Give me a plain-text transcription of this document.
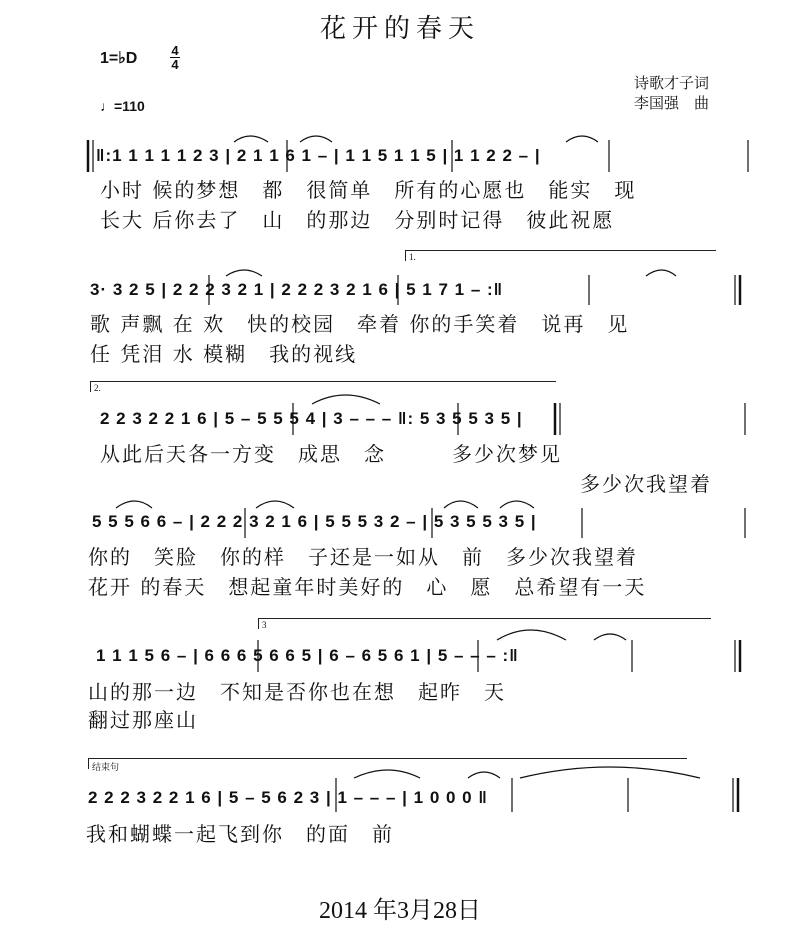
花开的春天
1=♭D	4
4
♩=110
诗歌才子词
李国强　曲
1.
2.
3
结束句
‖:1 1 1 1 1 2 3 | 2 1 1 6 1 – | 1 1 5 1 1 5 | 1 1 2 2 – |
小时 候的梦想　都　很简单　所有的心愿也　能实　现
长大 后你去了　山　的那边　分别时记得　彼此祝愿
3· 3 2 5 | 2 2 2 3 2 1 | 2 2 2 3 2 1 6 | 5 1 7 1 – :‖
歌 声飘 在 欢　快的校园　牵着 你的手笑着　说再　见
任 凭泪 水 模糊　我的视线
2 2 3 2 2 1 6 | 5 – 5 5 5 4 | 3 – – – ‖: 5 3 5 5 3 5 |
从此后天各一方变　成思　念　　　多少次梦见
多少次我望着
5 5 5 6 6 – | 2 2 2 3 2 1 6 | 5 5 5 3 2 – | 5 3 5 5 3 5 |
你的　笑脸　你的样　子还是一如从　前　多少次我望着
花开 的春天　想起童年时美好的　心　愿　总希望有一天
1 1 1 5 6 – | 6 6 6 5 6 6 5 | 6 – 6 5 6 1 | 5 – – – :‖
山的那一边　不知是否你也在想　起昨　天
翻过那座山
2 2 2 3 2 2 1 6 | 5 – 5 6 2 3 | 1 – – – | 1 0 0 0 ‖
我和蝴蝶一起飞到你　的面　前
2014 年3月28日
